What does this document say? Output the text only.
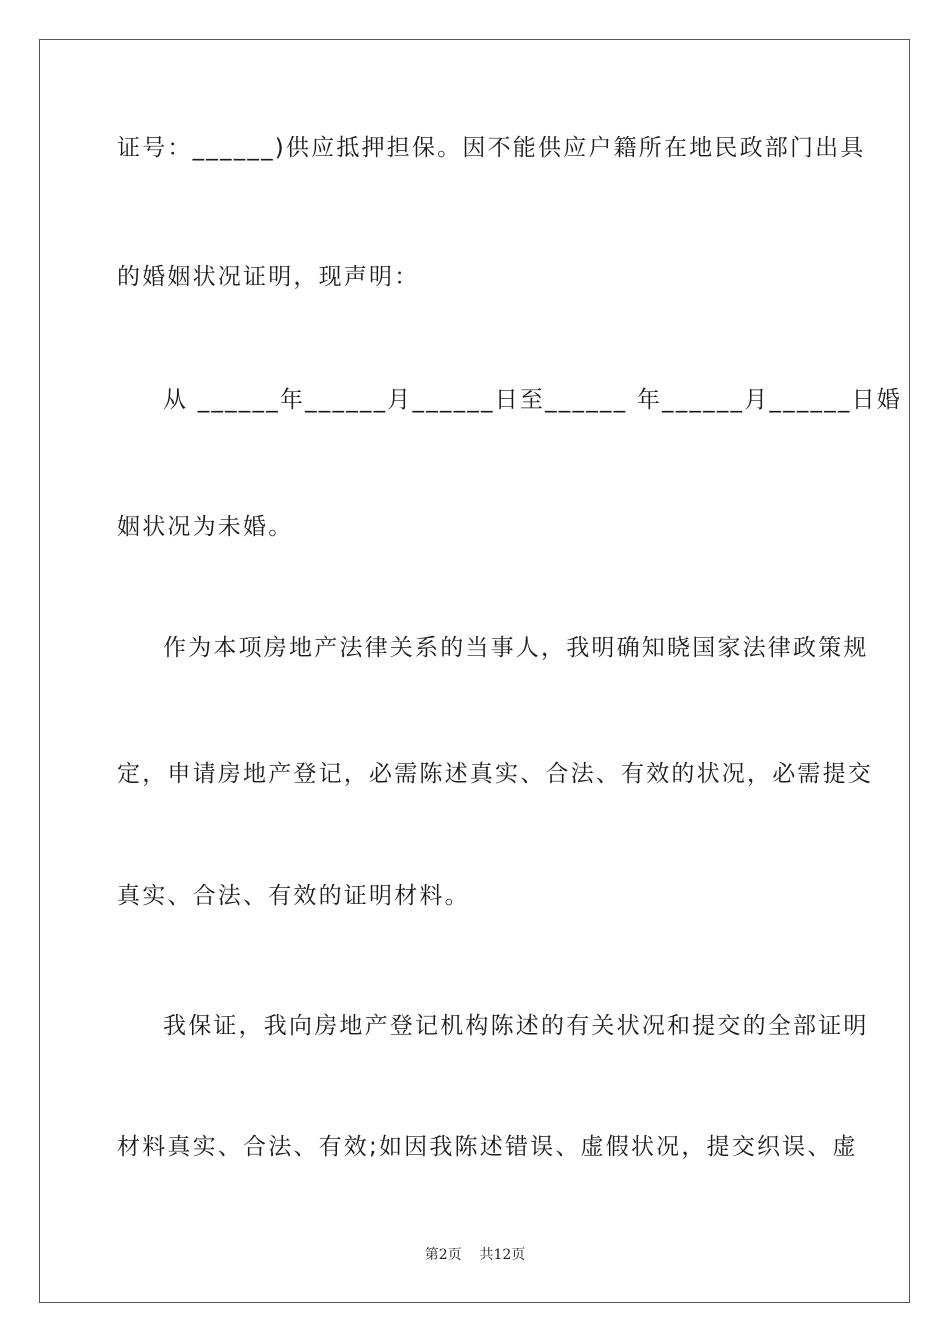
证号：______)供应抵押担保。因不能供应户籍所在地民政部门出具
的婚姻状况证明，现声明：
从 ______年______月______日至______ 年______月______日婚
姻状况为未婚。
作为本项房地产法律关系的当事人，我明确知晓国家法律政策规
定，申请房地产登记，必需陈述真实、合法、有效的状况，必需提交
真实、合法、有效的证明材料。
我保证，我向房地产登记机构陈述的有关状况和提交的全部证明
材料真实、合法、有效;如因我陈述错误、虚假状况，提交织误、虚
第2页 共12页
